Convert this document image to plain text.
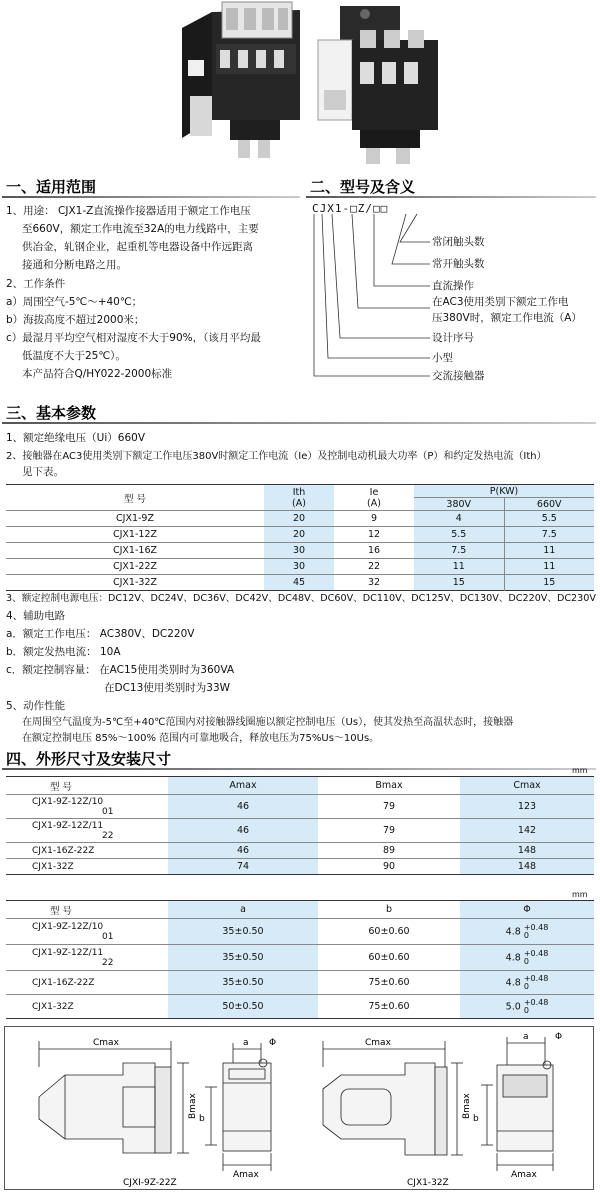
一、适用范围
1、用途： CJX1-Z直流操作接器适用于额定工作电压
至660V，额定工作电流至32A的电力线路中，主要
供冶金，轧钢企业，起重机等电器设备中作远距离
接通和分断电路之用。
2、工作条件
a）周围空气-5℃～+40℃；
b）海拔高度不超过2000米；
c）最湿月平均空气相对湿度不大于90%，（该月平均最
低温度不大于25℃）。
本产品符合Q/HY022-2000标准
二、型号及含义
CJX1-□Z/□□
常闭触头数
常开触头数
直流操作
在AC3使用类别下额定工作电
压380V时，额定工作电流（A）
设计序号
小型
交流接触器
三、基本参数
1、额定绝缘电压（Ui）660V
2、接触器在AC3使用类别下额定工作电压380V时额定工作电流（Ie）及控制电动机最大功率（P）和约定发热电流（Ith）
见下表。
型 号	Ith
(A)	Ie
(A)	P(KW)	
			380V	660V
CJX1-9Z	20	9	4	5.5
CJX1-12Z	20	12	5.5	7.5
CJX1-16Z	30	16	7.5	11
CJX1-22Z	30	22	11	11
CJX1-32Z	45	32	15	15
3、额定控制电源电压：DC12V、DC24V、DC36V、DC42V、DC48V、DC60V、DC110V、DC125V、DC130V、DC220V、DC230V
4、辅助电路
a．额定工作电压： AC380V、DC220V
b．额定发热电流： 10A
c．额定控制容量： 在AC15使用类别时为360VA
在DC13使用类别时为33W
5、动作性能
在周围空气温度为-5℃至+40℃范围内对接触器线圈施以额定控制电压（Us），使其发热至高温状态时，接触器
在额定控制电压 85%～100% 范围内可靠地吸合，释放电压为75%Us～10Us。
四、外形尺寸及安装尺寸
mm
型 号	Amax	Bmax	Cmax
CJX1-9Z-12Z/10
01	46	79	123
CJX1-9Z-12Z/11
22	46	79	142
CJX1-16Z-22Z	46	89	148
CJX1-32Z	74	90	148
mm
型 号	a	b	Φ
CJX1-9Z-12Z/10
01	35±0.50	60±0.60	4.8 +0.48
0
CJX1-9Z-12Z/11
22	35±0.50	60±0.60	4.8 +0.48
0
CJX1-16Z-22Z	35±0.50	75±0.60	4.8 +0.48
0
CJX1-32Z	50±0.50	75±0.60	5.0 +0.48
0
Cmax
Bmax
a Φ
b
Amax
Cmax
Bmax
a	Φ
b
Amax
CJXI-9Z-22Z	CJX1-32Z
